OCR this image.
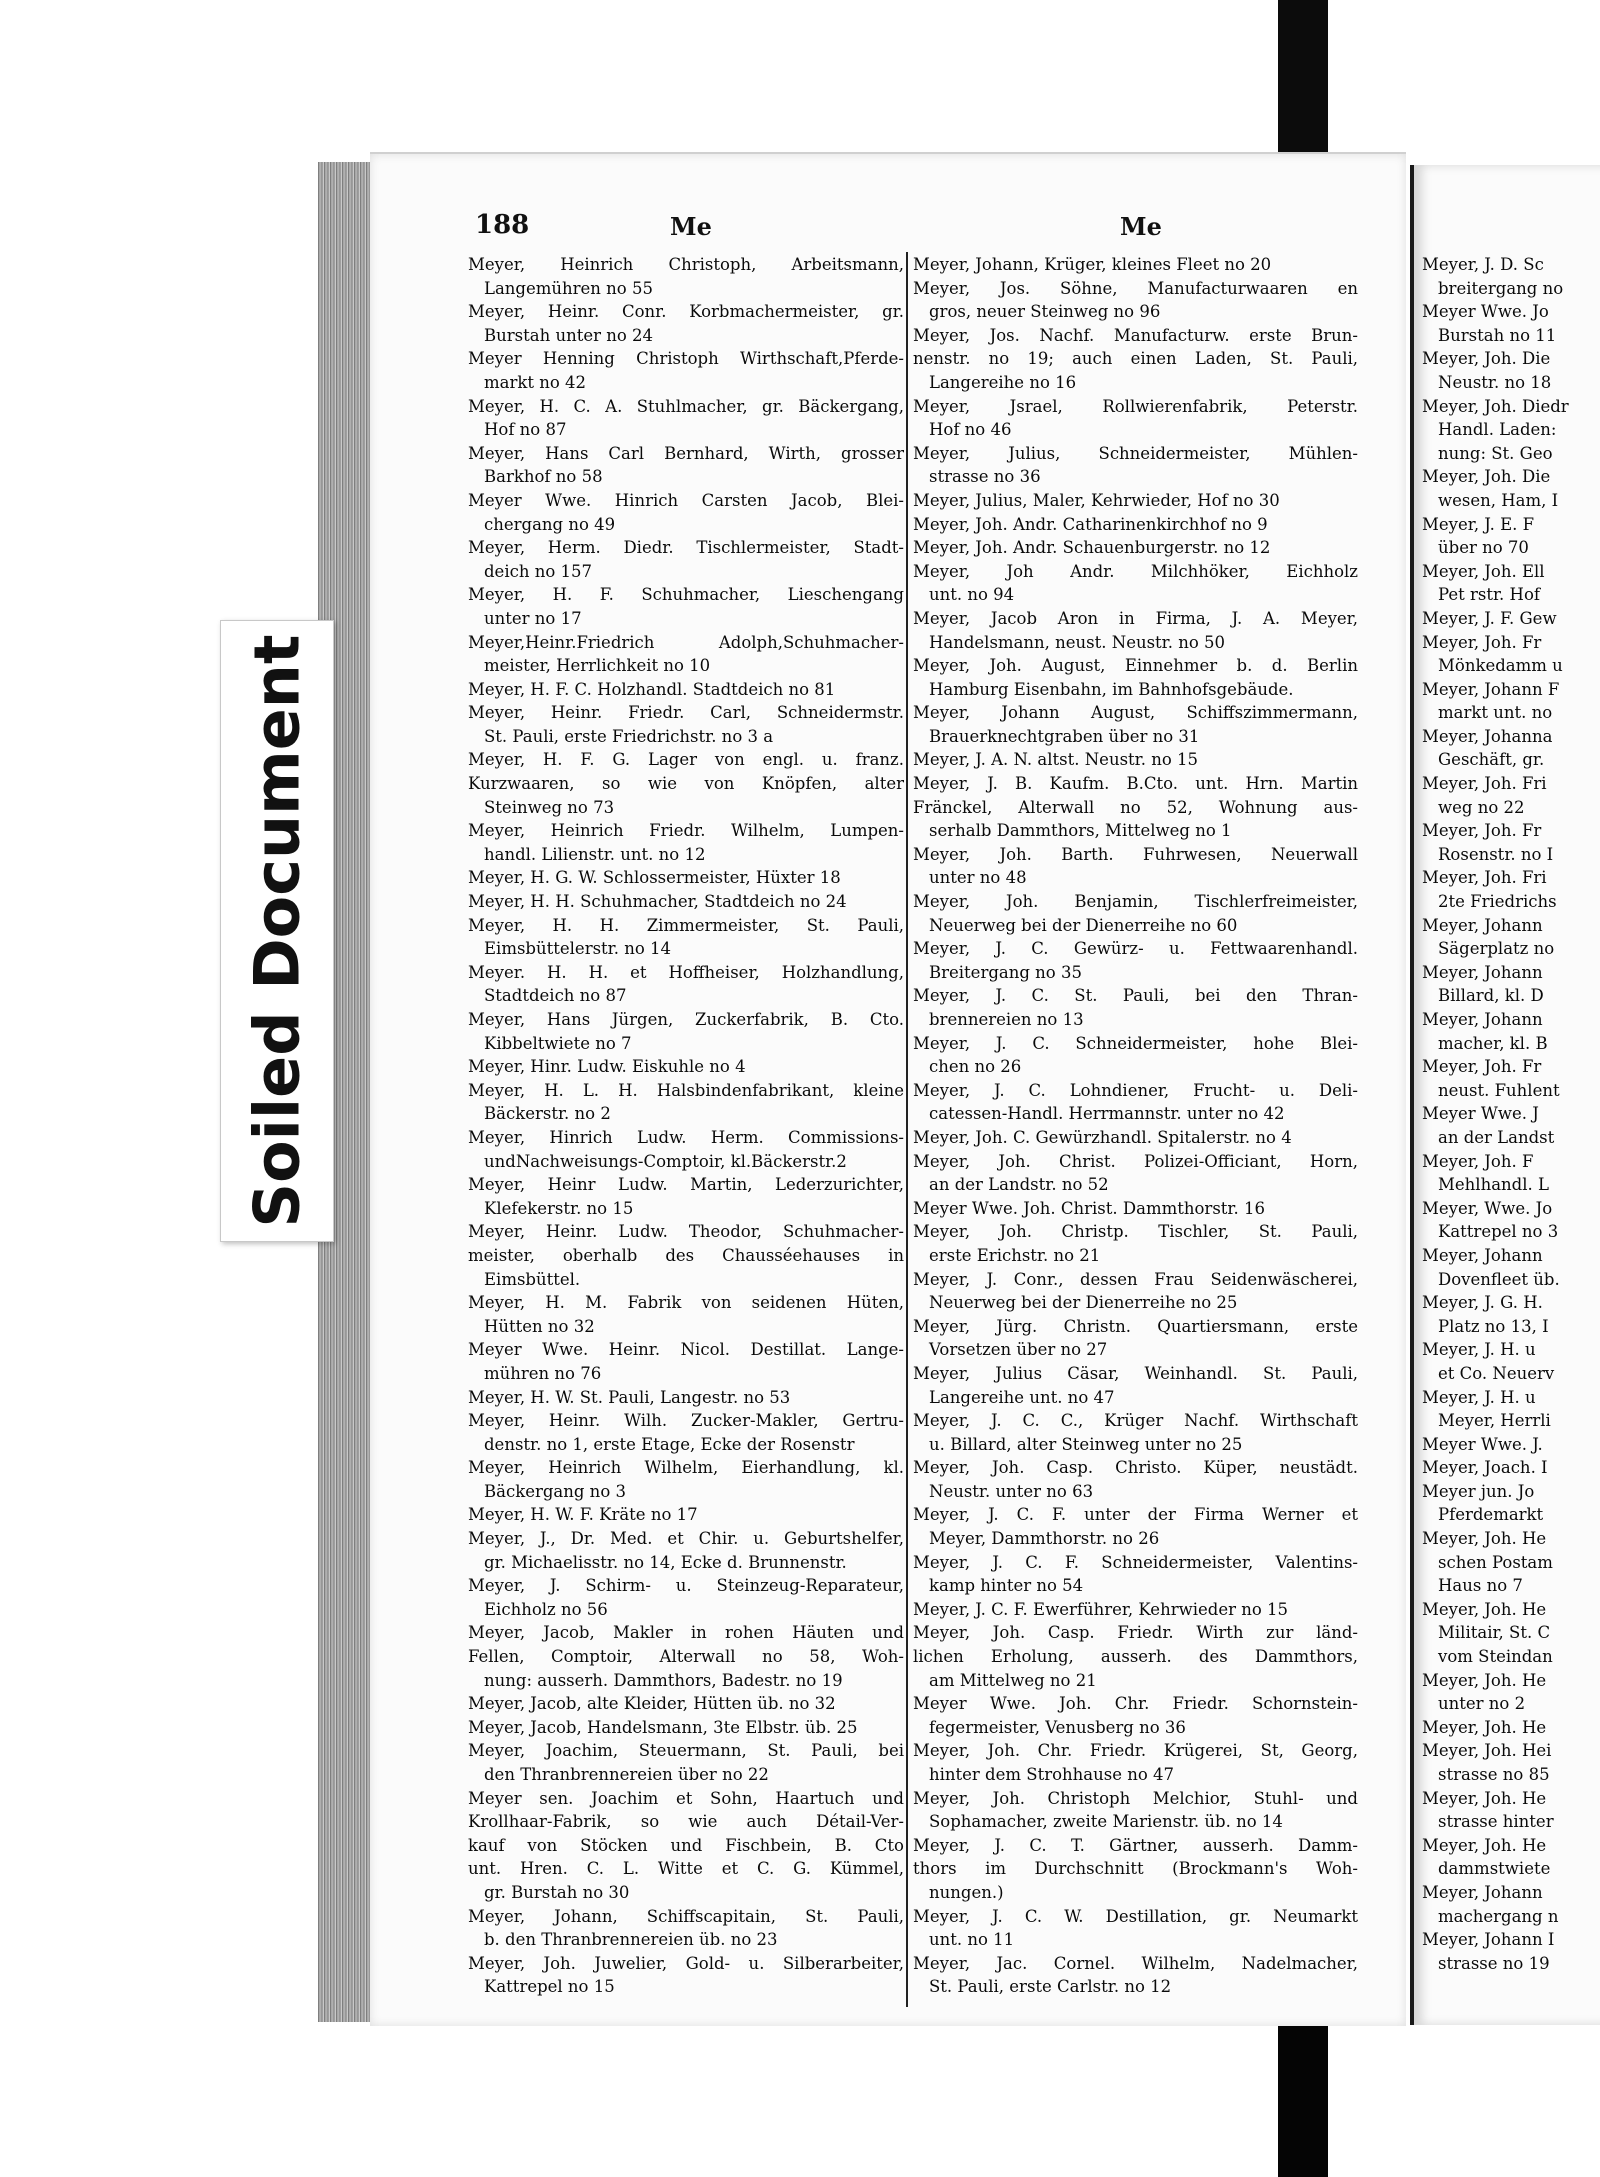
188	Me	Me
Meyer, Heinrich Christoph, Arbeitsmann,
Langemühren no 55
Meyer, Heinr. Conr. Korbmachermeister, gr.
Burstah unter no 24
Meyer Henning Christoph Wirthschaft,Pferde-
markt no 42
Meyer, H. C. A. Stuhlmacher, gr. Bäckergang,
Hof no 87
Meyer, Hans Carl Bernhard, Wirth, grosser
Barkhof no 58
Meyer Wwe. Hinrich Carsten Jacob, Blei-
chergang no 49
Meyer, Herm. Diedr. Tischlermeister, Stadt-
deich no 157
Meyer, H. F. Schuhmacher, Lieschengang
unter no 17
Meyer,Heinr.Friedrich Adolph,Schuhmacher-
meister, Herrlichkeit no 10
Meyer, H. F. C. Holzhandl. Stadtdeich no 81
Meyer, Heinr. Friedr. Carl, Schneidermstr.
St. Pauli, erste Friedrichstr. no 3 a
Meyer, H. F. G. Lager von engl. u. franz.
Kurzwaaren, so wie von Knöpfen, alter
Steinweg no 73
Meyer, Heinrich Friedr. Wilhelm, Lumpen-
handl. Lilienstr. unt. no 12
Meyer, H. G. W. Schlossermeister, Hüxter 18
Meyer, H. H. Schuhmacher, Stadtdeich no 24
Meyer, H. H. Zimmermeister, St. Pauli,
Eimsbüttelerstr. no 14
Meyer. H. H. et Hoffheiser, Holzhandlung,
Stadtdeich no 87
Meyer, Hans Jürgen, Zuckerfabrik, B. Cto.
Kibbeltwiete no 7
Meyer, Hinr. Ludw. Eiskuhle no 4
Meyer, H. L. H. Halsbindenfabrikant, kleine
Bäckerstr. no 2
Meyer, Hinrich Ludw. Herm. Commissions-
undNachweisungs-Comptoir, kl.Bäckerstr.2
Meyer, Heinr Ludw. Martin, Lederzurichter,
Klefekerstr. no 15
Meyer, Heinr. Ludw. Theodor, Schuhmacher-
meister, oberhalb des Chausséehauses in
Eimsbüttel.
Meyer, H. M. Fabrik von seidenen Hüten,
Hütten no 32
Meyer Wwe. Heinr. Nicol. Destillat. Lange-
mühren no 76
Meyer, H. W. St. Pauli, Langestr. no 53
Meyer, Heinr. Wilh. Zucker-Makler, Gertru-
denstr. no 1, erste Etage, Ecke der Rosenstr
Meyer, Heinrich Wilhelm, Eierhandlung, kl.
Bäckergang no 3
Meyer, H. W. F. Kräte no 17
Meyer, J., Dr. Med. et Chir. u. Geburtshelfer,
gr. Michaelisstr. no 14, Ecke d. Brunnenstr.
Meyer, J. Schirm- u. Steinzeug-Reparateur,
Eichholz no 56
Meyer, Jacob, Makler in rohen Häuten und
Fellen, Comptoir, Alterwall no 58, Woh-
nung: ausserh. Dammthors, Badestr. no 19
Meyer, Jacob, alte Kleider, Hütten üb. no 32
Meyer, Jacob, Handelsmann, 3te Elbstr. üb. 25
Meyer, Joachim, Steuermann, St. Pauli, bei
den Thranbrennereien über no 22
Meyer sen. Joachim et Sohn, Haartuch und
Krollhaar-Fabrik, so wie auch Détail-Ver-
kauf von Stöcken und Fischbein, B. Cto
unt. Hren. C. L. Witte et C. G. Kümmel,
gr. Burstah no 30
Meyer, Johann, Schiffscapitain, St. Pauli,
b. den Thranbrennereien üb. no 23
Meyer, Joh. Juwelier, Gold- u. Silberarbeiter,
Kattrepel no 15
Meyer, Johann, Krüger, kleines Fleet no 20
Meyer, Jos. Söhne, Manufacturwaaren en
gros, neuer Steinweg no 96
Meyer, Jos. Nachf. Manufacturw. erste Brun-
nenstr. no 19; auch einen Laden, St. Pauli,
Langereihe no 16
Meyer, Jsrael, Rollwierenfabrik, Peterstr.
Hof no 46
Meyer, Julius, Schneidermeister, Mühlen-
strasse no 36
Meyer, Julius, Maler, Kehrwieder, Hof no 30
Meyer, Joh. Andr. Catharinenkirchhof no 9
Meyer, Joh. Andr. Schauenburgerstr. no 12
Meyer, Joh Andr. Milchhöker, Eichholz
unt. no 94
Meyer, Jacob Aron in Firma, J. A. Meyer,
Handelsmann, neust. Neustr. no 50
Meyer, Joh. August, Einnehmer b. d. Berlin
Hamburg Eisenbahn, im Bahnhofsgebäude.
Meyer, Johann August, Schiffszimmermann,
Brauerknechtgraben über no 31
Meyer, J. A. N. altst. Neustr. no 15
Meyer, J. B. Kaufm. B.Cto. unt. Hrn. Martin
Fränckel, Alterwall no 52, Wohnung aus-
serhalb Dammthors, Mittelweg no 1
Meyer, Joh. Barth. Fuhrwesen, Neuerwall
unter no 48
Meyer, Joh. Benjamin, Tischlerfreimeister,
Neuerweg bei der Dienerreihe no 60
Meyer, J. C. Gewürz- u. Fettwaarenhandl.
Breitergang no 35
Meyer, J. C. St. Pauli, bei den Thran-
brennereien no 13
Meyer, J. C. Schneidermeister, hohe Blei-
chen no 26
Meyer, J. C. Lohndiener, Frucht- u. Deli-
catessen-Handl. Herrmannstr. unter no 42
Meyer, Joh. C. Gewürzhandl. Spitalerstr. no 4
Meyer, Joh. Christ. Polizei-Officiant, Horn,
an der Landstr. no 52
Meyer Wwe. Joh. Christ. Dammthorstr. 16
Meyer, Joh. Christp. Tischler, St. Pauli,
erste Erichstr. no 21
Meyer, J. Conr., dessen Frau Seidenwäscherei,
Neuerweg bei der Dienerreihe no 25
Meyer, Jürg. Christn. Quartiersmann, erste
Vorsetzen über no 27
Meyer, Julius Cäsar, Weinhandl. St. Pauli,
Langereihe unt. no 47
Meyer, J. C. C., Krüger Nachf. Wirthschaft
u. Billard, alter Steinweg unter no 25
Meyer, Joh. Casp. Christo. Küper, neustädt.
Neustr. unter no 63
Meyer, J. C. F. unter der Firma Werner et
Meyer, Dammthorstr. no 26
Meyer, J. C. F. Schneidermeister, Valentins-
kamp hinter no 54
Meyer, J. C. F. Ewerführer, Kehrwieder no 15
Meyer, Joh. Casp. Friedr. Wirth zur länd-
lichen Erholung, ausserh. des Dammthors,
am Mittelweg no 21
Meyer Wwe. Joh. Chr. Friedr. Schornstein-
fegermeister, Venusberg no 36
Meyer, Joh. Chr. Friedr. Krügerei, St, Georg,
hinter dem Strohhause no 47
Meyer, Joh. Christoph Melchior, Stuhl- und
Sophamacher, zweite Marienstr. üb. no 14
Meyer, J. C. T. Gärtner, ausserh. Damm-
thors im Durchschnitt (Brockmann's Woh-
nungen.)
Meyer, J. C. W. Destillation, gr. Neumarkt
unt. no 11
Meyer, Jac. Cornel. Wilhelm, Nadelmacher,
St. Pauli, erste Carlstr. no 12
Meyer, J. D. Sc
breitergang no
Meyer Wwe. Jo
Burstah no 11
Meyer, Joh. Die
Neustr. no 18
Meyer, Joh. Diedr
Handl. Laden:
nung: St. Geo
Meyer, Joh. Die
wesen, Ham, I
Meyer, J. E. F
über no 70
Meyer, Joh. Ell
Pet rstr. Hof
Meyer, J. F. Gew
Meyer, Joh. Fr
Mönkedamm u
Meyer, Johann F
markt unt. no
Meyer, Johanna
Geschäft, gr.
Meyer, Joh. Fri
weg no 22
Meyer, Joh. Fr
Rosenstr. no I
Meyer, Joh. Fri
2te Friedrichs
Meyer, Johann
Sägerplatz no
Meyer, Johann
Billard, kl. D
Meyer, Johann
macher, kl. B
Meyer, Joh. Fr
neust. Fuhlent
Meyer Wwe. J
an der Landst
Meyer, Joh. F
Mehlhandl. L
Meyer, Wwe. Jo
Kattrepel no 3
Meyer, Johann
Dovenfleet üb.
Meyer, J. G. H.
Platz no 13, I
Meyer, J. H. u
et Co. Neuerv
Meyer, J. H. u
Meyer, Herrli
Meyer Wwe. J.
Meyer, Joach. I
Meyer jun. Jo
Pferdemarkt
Meyer, Joh. He
schen Postam
Haus no 7
Meyer, Joh. He
Militair, St. C
vom Steindan
Meyer, Joh. He
unter no 2
Meyer, Joh. He
Meyer, Joh. Hei
strasse no 85
Meyer, Joh. He
strasse hinter
Meyer, Joh. He
dammstwiete
Meyer, Johann
machergang n
Meyer, Johann I
strasse no 19
Soiled Document
